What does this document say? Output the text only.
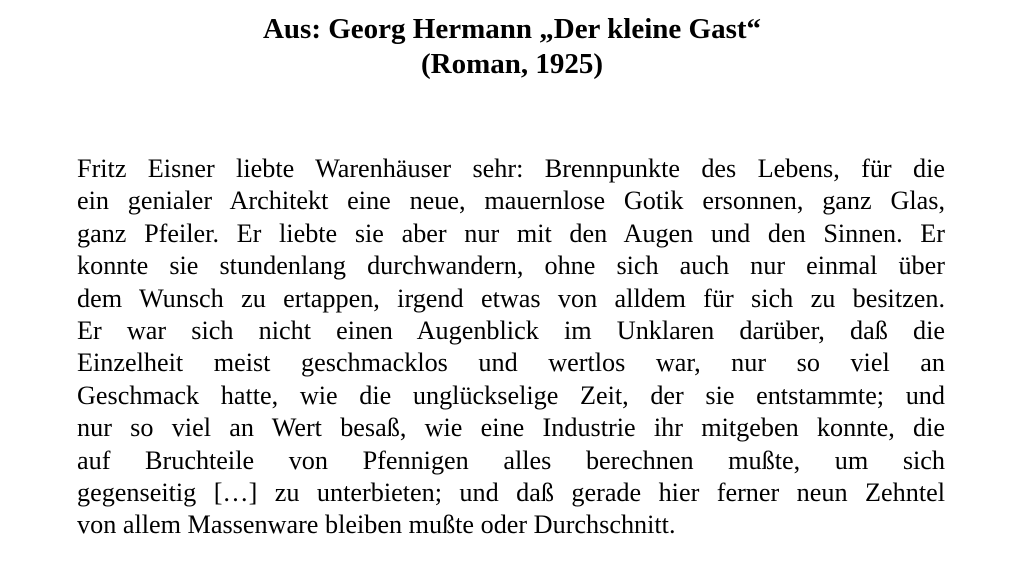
Aus: Georg Hermann „Der kleine Gast“
(Roman, 1925)
Fritz Eisner liebte Warenhäuser sehr: Brennpunkte des Lebens, für die
ein genialer Architekt eine neue, mauernlose Gotik ersonnen, ganz Glas,
ganz Pfeiler. Er liebte sie aber nur mit den Augen und den Sinnen. Er
konnte sie stundenlang durchwandern, ohne sich auch nur einmal über
dem Wunsch zu ertappen, irgend etwas von alldem für sich zu besitzen.
Er war sich nicht einen Augenblick im Unklaren darüber, daß die
Einzelheit meist geschmacklos und wertlos war, nur so viel an
Geschmack hatte, wie die unglückselige Zeit, der sie entstammte; und
nur so viel an Wert besaß, wie eine Industrie ihr mitgeben konnte, die
auf Bruchteile von Pfennigen alles berechnen mußte, um sich
gegenseitig […] zu unterbieten; und daß gerade hier ferner neun Zehntel
von allem Massenware bleiben mußte oder Durchschnitt.
